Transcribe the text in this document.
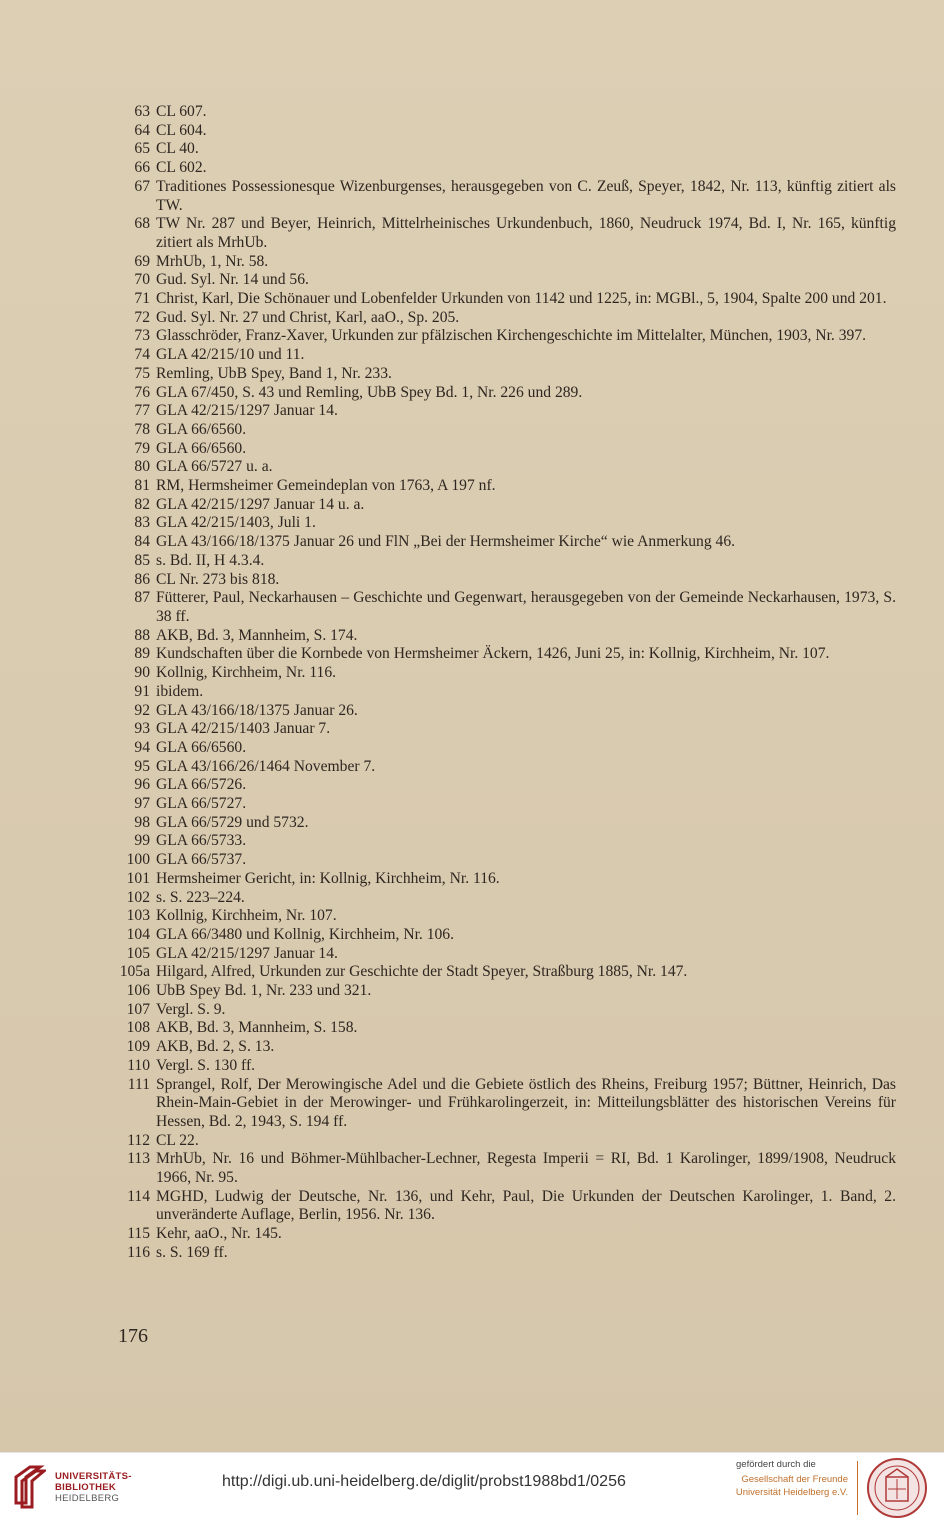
63 CL 607.
64 CL 604.
65 CL 40.
66 CL 602.
67 Traditiones Possessionesque Wizenburgenses, herausgegeben von C. Zeuß, Speyer, 1842, Nr. 113, künftig zitiert als TW.
68 TW Nr. 287 und Beyer, Heinrich, Mittelrheinisches Urkundenbuch, 1860, Neudruck 1974, Bd. I, Nr. 165, künftig zitiert als MrhUb.
69 MrhUb, 1, Nr. 58.
70 Gud. Syl. Nr. 14 und 56.
71 Christ, Karl, Die Schönauer und Lobenfelder Urkunden von 1142 und 1225, in: MGBl., 5, 1904, Spalte 200 und 201.
72 Gud. Syl. Nr. 27 und Christ, Karl, aaO., Sp. 205.
73 Glasschröder, Franz-Xaver, Urkunden zur pfälzischen Kirchengeschichte im Mittelalter, München, 1903, Nr. 397.
74 GLA 42/215/10 und 11.
75 Remling, UbB Spey, Band 1, Nr. 233.
76 GLA 67/450, S. 43 und Remling, UbB Spey Bd. 1, Nr. 226 und 289.
77 GLA 42/215/1297 Januar 14.
78 GLA 66/6560.
79 GLA 66/6560.
80 GLA 66/5727 u. a.
81 RM, Hermsheimer Gemeindeplan von 1763, A 197 nf.
82 GLA 42/215/1297 Januar 14 u. a.
83 GLA 42/215/1403, Juli 1.
84 GLA 43/166/18/1375 Januar 26 und FlN „Bei der Hermsheimer Kirche“ wie Anmerkung 46.
85 s. Bd. II, H 4.3.4.
86 CL Nr. 273 bis 818.
87 Fütterer, Paul, Neckarhausen – Geschichte und Gegenwart, herausgegeben von der Gemeinde Neckarhausen, 1973, S. 38 ff.
88 AKB, Bd. 3, Mannheim, S. 174.
89 Kundschaften über die Kornbede von Hermsheimer Äckern, 1426, Juni 25, in: Kollnig, Kirchheim, Nr. 107.
90 Kollnig, Kirchheim, Nr. 116.
91 ibidem.
92 GLA 43/166/18/1375 Januar 26.
93 GLA 42/215/1403 Januar 7.
94 GLA 66/6560.
95 GLA 43/166/26/1464 November 7.
96 GLA 66/5726.
97 GLA 66/5727.
98 GLA 66/5729 und 5732.
99 GLA 66/5733.
100 GLA 66/5737.
101 Hermsheimer Gericht, in: Kollnig, Kirchheim, Nr. 116.
102 s. S. 223–224.
103 Kollnig, Kirchheim, Nr. 107.
104 GLA 66/3480 und Kollnig, Kirchheim, Nr. 106.
105 GLA 42/215/1297 Januar 14.
105a Hilgard, Alfred, Urkunden zur Geschichte der Stadt Speyer, Straßburg 1885, Nr. 147.
106 UbB Spey Bd. 1, Nr. 233 und 321.
107 Vergl. S. 9.
108 AKB, Bd. 3, Mannheim, S. 158.
109 AKB, Bd. 2, S. 13.
110 Vergl. S. 130 ff.
111 Sprangel, Rolf, Der Merowingische Adel und die Gebiete östlich des Rheins, Freiburg 1957; Büttner, Heinrich, Das Rhein-Main-Gebiet in der Merowinger- und Frühkarolingerzeit, in: Mitteilungsblätter des historischen Vereins für Hessen, Bd. 2, 1943, S. 194 ff.
112 CL 22.
113 MrhUb, Nr. 16 und Böhmer-Mühlbacher-Lechner, Regesta Imperii = RI, Bd. 1 Karolinger, 1899/1908, Neudruck 1966, Nr. 95.
114 MGHD, Ludwig der Deutsche, Nr. 136, und Kehr, Paul, Die Urkunden der Deutschen Karolinger, 1. Band, 2. unveränderte Auflage, Berlin, 1956. Nr. 136.
115 Kehr, aaO., Nr. 145.
116 s. S. 169 ff.
176
UNIVERSITÄTS-
BIBLIOTHEK
HEIDELBERG
http://digi.ub.uni-heidelberg.de/diglit/probst1988bd1/0256
gefördert durch die
Gesellschaft der Freunde
Universität Heidelberg e.V.
